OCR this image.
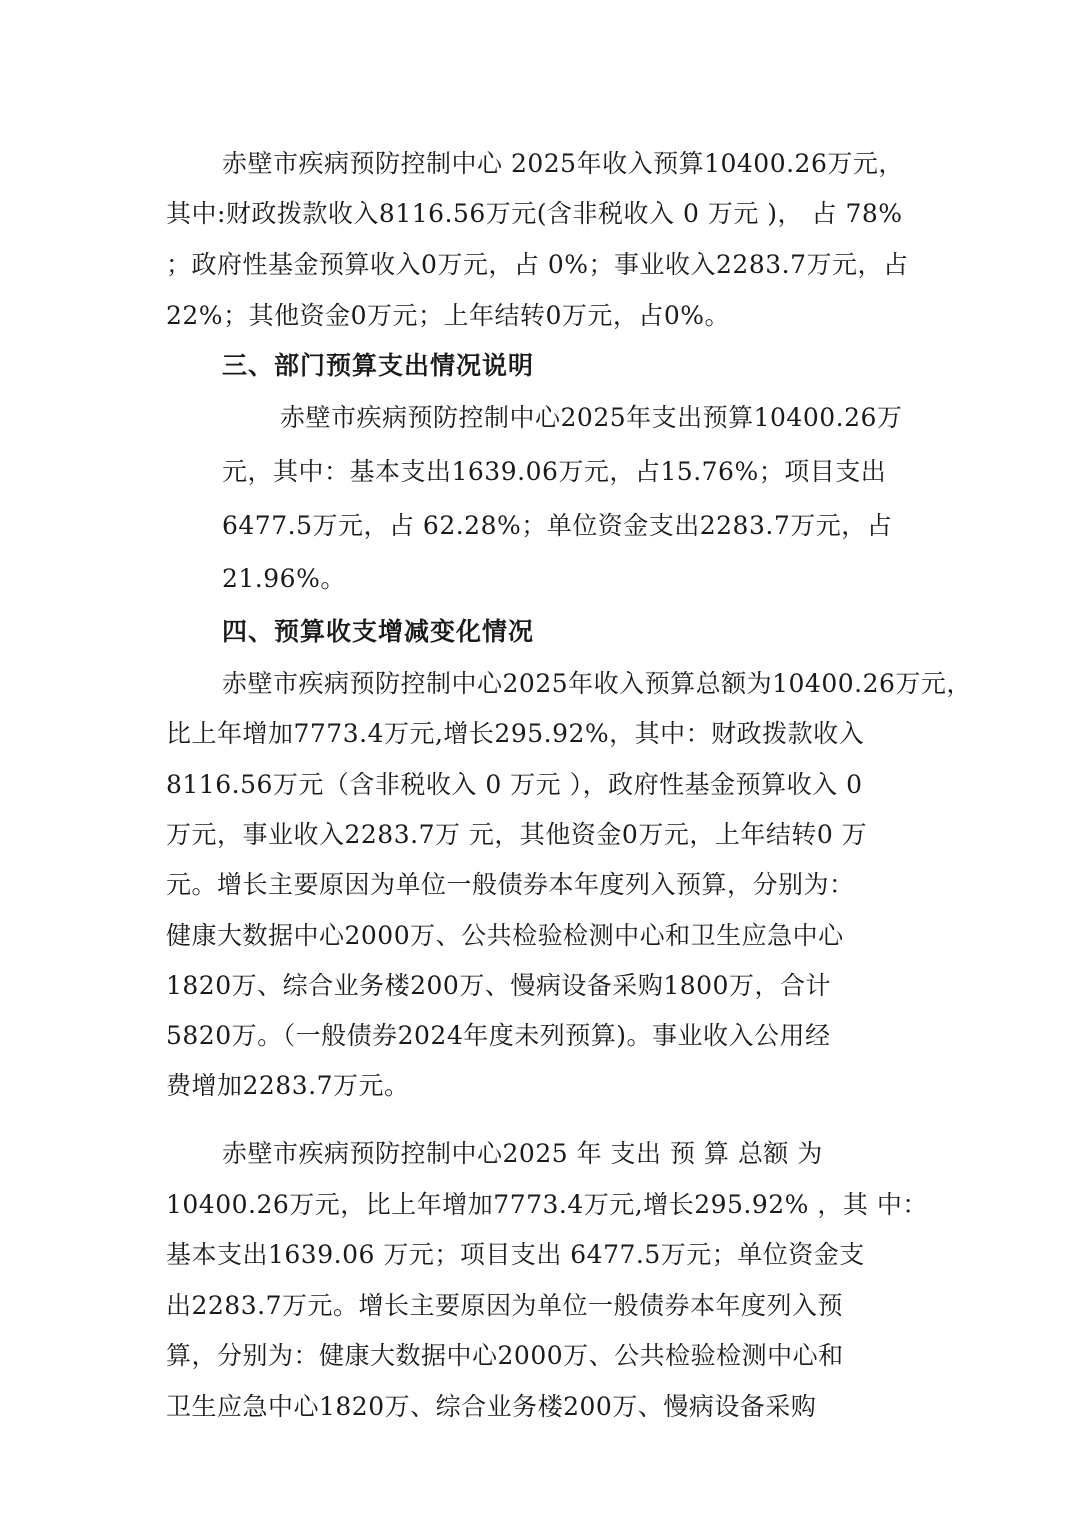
赤壁市疾病预防控制中心 2025年收入预算10400.26万元，
其中:财政拨款收入8116.56万元(含非税收入 0 万元 )， 占 78%
；政府性基金预算收入0万元，占 0%；事业收入2283.7万元，占
22%；其他资金0万元；上年结转0万元，占0%。
三、部门预算支出情况说明
赤壁市疾病预防控制中心2025年支出预算10400.26万
元，其中：基本支出1639.06万元，占15.76%；项目支出
6477.5万元，占 62.28%；单位资金支出2283.7万元，占
21.96%。
四、预算收支增减变化情况
赤壁市疾病预防控制中心2025年收入预算总额为10400.26万元，
比上年增加7773.4万元,增长295.92%，其中：财政拨款收入
8116.56万元（含非税收入 0 万元 ），政府性基金预算收入 0
万元，事业收入2283.7万 元，其他资金0万元，上年结转0 万
元。增长主要原因为单位一般债券本年度列入预算，分别为：
健康大数据中心2000万、公共检验检测中心和卫生应急中心
1820万、综合业务楼200万、慢病设备采购1800万，合计
5820万。（一般债券2024年度未列预算)。事业收入公用经
费增加2283.7万元。
赤壁市疾病预防控制中心2025 年 支出 预 算 总额 为
10400.26万元，比上年增加7773.4万元,增长295.92% ，其 中：
基本支出1639.06 万元；项目支出 6477.5万元；单位资金支
出2283.7万元。增长主要原因为单位一般债券本年度列入预
算，分别为：健康大数据中心2000万、公共检验检测中心和
卫生应急中心1820万、综合业务楼200万、慢病设备采购
